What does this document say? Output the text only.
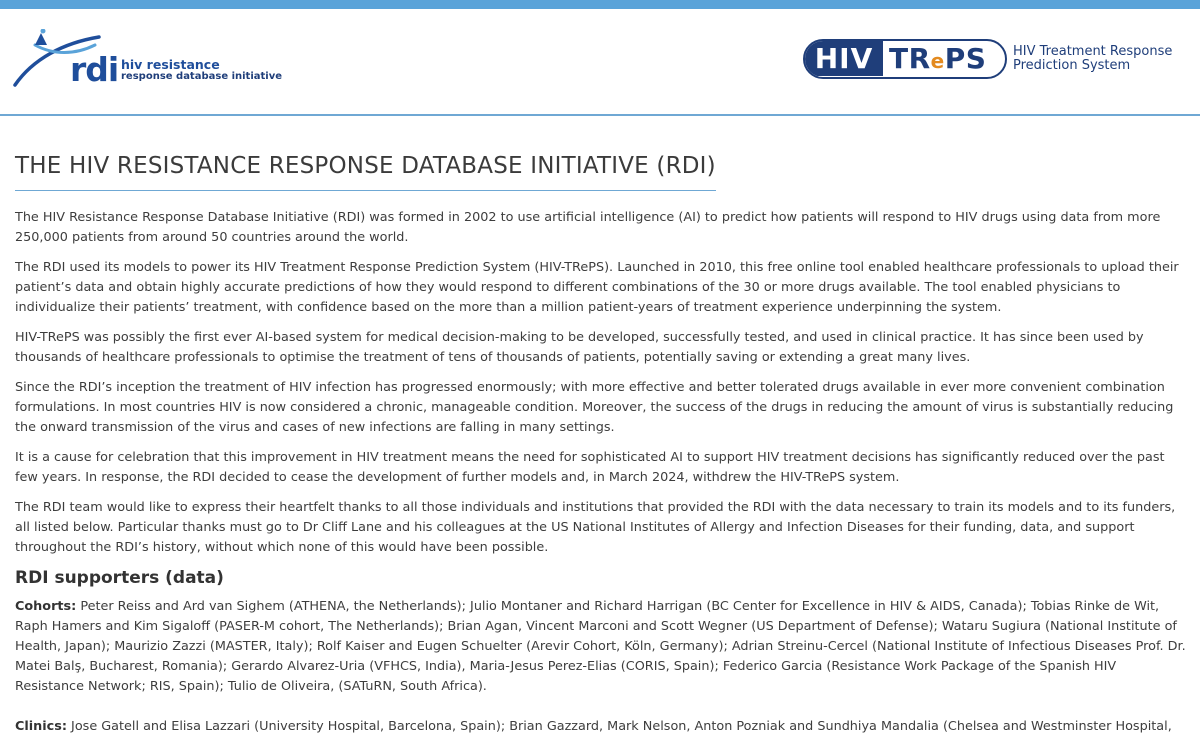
rdi hiv resistance
response database initiative
HIV TRePS HIV Treatment Response
Prediction System
THE HIV RESISTANCE RESPONSE DATABASE INITIATIVE (RDI)

The HIV Resistance Response Database Initiative (RDI) was formed in 2002 to use artificial intelligence (AI) to predict how patients will respond to HIV drugs using data from more 250,000 patients from around 50 countries around the world.

The RDI used its models to power its HIV Treatment Response Prediction System (HIV-TRePS). Launched in 2010, this free online tool enabled healthcare professionals to upload their patient’s data and obtain highly accurate predictions of how they would respond to different combinations of the 30 or more drugs available. The tool enabled physicians to individualize their patients’ treatment, with confidence based on the more than a million patient-years of treatment experience underpinning the system.

HIV-TRePS was possibly the first ever AI-based system for medical decision-making to be developed, successfully tested, and used in clinical practice. It has since been used by thousands of healthcare professionals to optimise the treatment of tens of thousands of patients, potentially saving or extending a great many lives.

Since the RDI’s inception the treatment of HIV infection has progressed enormously; with more effective and better tolerated drugs available in ever more convenient combination formulations. In most countries HIV is now considered a chronic, manageable condition. Moreover, the success of the drugs in reducing the amount of virus is substantially reducing the onward transmission of the virus and cases of new infections are falling in many settings.

It is a cause for celebration that this improvement in HIV treatment means the need for sophisticated AI to support HIV treatment decisions has significantly reduced over the past few years. In response, the RDI decided to cease the development of further models and, in March 2024, withdrew the HIV-TRePS system.

The RDI team would like to express their heartfelt thanks to all those individuals and institutions that provided the RDI with the data necessary to train its models and to its funders, all listed below. Particular thanks must go to Dr Cliff Lane and his colleagues at the US National Institutes of Allergy and Infection Diseases for their funding, data, and support throughout the RDI’s history, without which none of this would have been possible.

RDI supporters (data)

Cohorts: Peter Reiss and Ard van Sighem (ATHENA, the Netherlands); Julio Montaner and Richard Harrigan (BC Center for Excellence in HIV & AIDS, Canada); Tobias Rinke de Wit, Raph Hamers and Kim Sigaloff (PASER-M cohort, The Netherlands); Brian Agan, Vincent Marconi and Scott Wegner (US Department of Defense); Wataru Sugiura (National Institute of Health, Japan); Maurizio Zazzi (MASTER, Italy); Rolf Kaiser and Eugen Schuelter (Arevir Cohort, Köln, Germany); Adrian Streinu-Cercel (National Institute of Infectious Diseases Prof. Dr. Matei Balş, Bucharest, Romania); Gerardo Alvarez-Uria (VFHCS, India), Maria-Jesus Perez-Elias (CORIS, Spain); Federico Garcia (Resistance Work Package of the Spanish HIV Resistance Network; RIS, Spain); Tulio de Oliveira, (SATuRN, South Africa).

Clinics: Jose Gatell and Elisa Lazzari (University Hospital, Barcelona, Spain); Brian Gazzard, Mark Nelson, Anton Pozniak and Sundhiya Mandalia (Chelsea and Westminster Hospital,
